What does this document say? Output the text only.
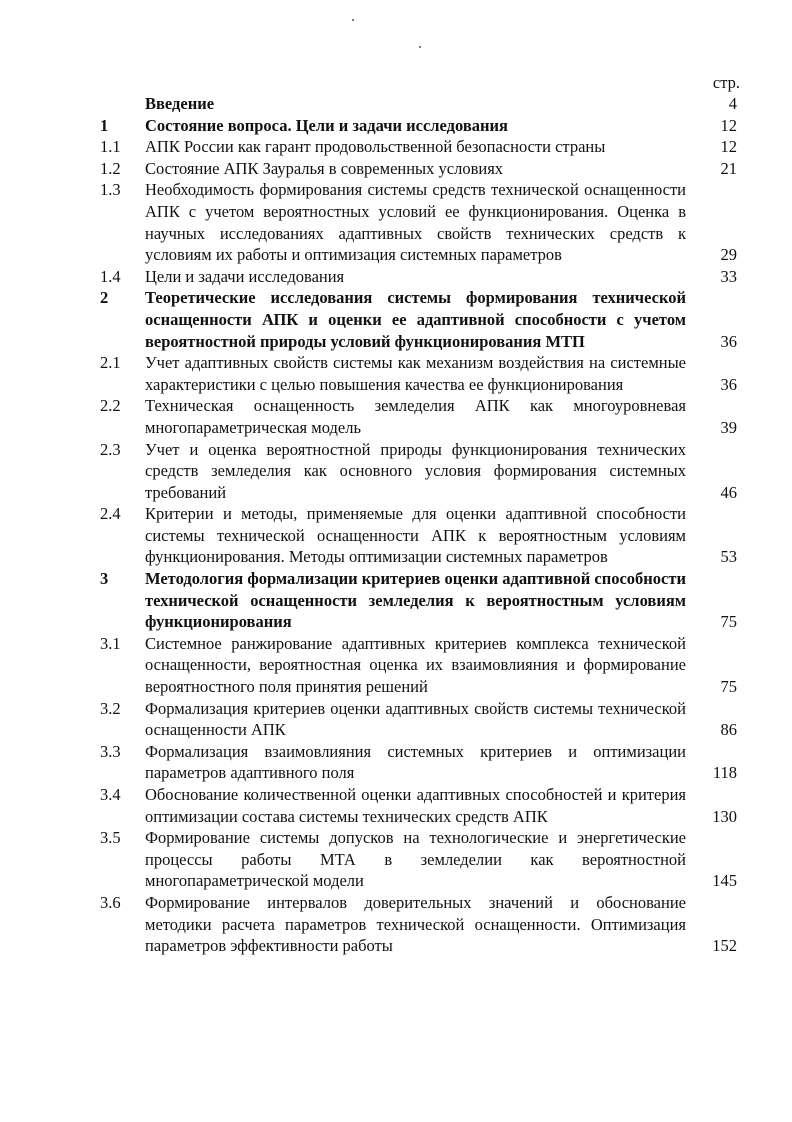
стр.
Введение	4
1	Состояние вопроса. Цели и задачи исследования	12
1.1	АПК России как гарант продовольственной безопасности страны	12
1.2	Состояние АПК Зауралья в современных условиях	21
1.3	Необходимость формирования системы средств технической оснащенности АПК с учетом вероятностных условий ее функционирования. Оценка в научных исследованиях адаптивных свойств технических средств к условиям их работы и оптимизация системных параметров	29
1.4	Цели и задачи исследования	33
2	Теоретические исследования системы формирования технической оснащенности АПК и оценки ее адаптивной способности с учетом вероятностной природы условий функционирования МТП	36
2.1	Учет адаптивных свойств системы как механизм воздействия на системные характеристики с целью повышения качества ее функционирования	36
2.2	Техническая оснащенность земледелия АПК как многоуровневая многопараметрическая модель	39
2.3	Учет и оценка вероятностной природы функционирования технических средств земледелия как основного условия формирования системных требований	46
2.4	Критерии и методы, применяемые для оценки адаптивной способности системы технической оснащенности АПК к вероятностным условиям функционирования. Методы оптимизации системных параметров	53
3	Методология формализации критериев оценки адаптивной способности технической оснащенности земледелия к вероятностным условиям функционирования	75
3.1	Системное ранжирование адаптивных критериев комплекса технической оснащенности, вероятностная оценка их взаимовлияния и формирование вероятностного поля принятия решений	75
3.2	Формализация критериев оценки адаптивных свойств системы технической оснащенности АПК	86
3.3	Формализация взаимовлияния системных критериев и оптимизации параметров адаптивного поля	118
3.4	Обоснование количественной оценки адаптивных способностей и критерия оптимизации состава системы технических средств АПК	130
3.5	Формирование системы допусков на технологические и энергетические процессы работы МТА в земледелии как вероятностной многопараметрической модели	145
3.6	Формирование интервалов доверительных значений и обоснование методики расчета параметров технической оснащенности. Оптимизация параметров эффективности работы	152
